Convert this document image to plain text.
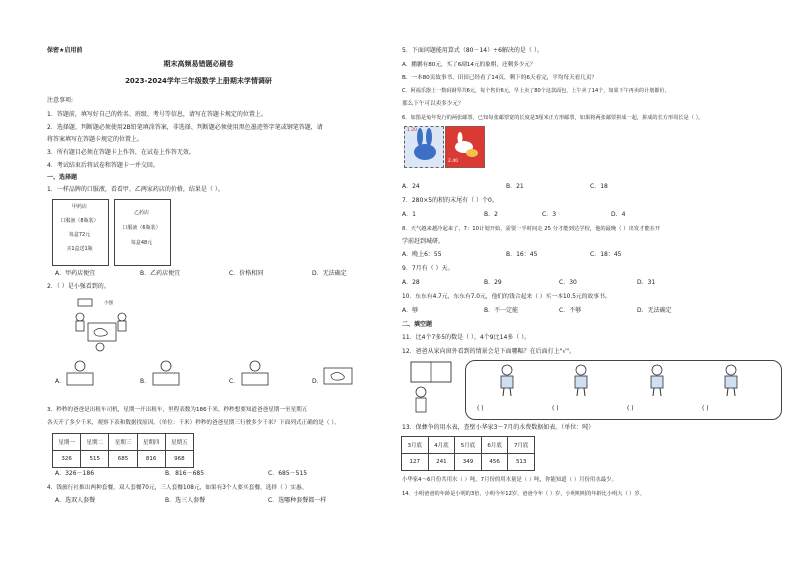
保密★启用前
期末高频易错题必刷卷
2023-2024学年三年级数学上册期末学情调研
注意事项:
1．答题前，填写好自己的姓名、班级、考号等信息，请写在答题卡规定的位置上。
2．选择题、判断题必须使用2B铅笔填涂答案，非选择、判断题必须使用黑色墨迹签字笔或钢笔答题，请
将答案填写在答题卡规定的位置上。
3．所有题目必须在答题卡上作答，在试卷上作答无效。
4．考试结束后将试卷和答题卡一并交回。
一、选择题
1．一样品牌的口服液，看看甲、乙两家药店的价格，结果是（ ）。
甲药店
口服液（8瓶装）
每盒72元
买1盒送1瓶
乙药店
口服液（6瓶装）
每盒48元
A．甲药店便宜	B．乙药店便宜	C．价格相同	D．无法确定
2．（ ）是小强看到的。
小强
A．	B．	C．	D．
3．秒秒的爸爸是出租车司机，星期一开出租车，里程表数为186千米，秒秒想要知道爸爸星期一至星期五
各天开了多少千米，观察下表和数据找原因。（单位：千米）秒秒的爸爸星期三行驶多少千米？下面列式正确的是（ ）。
星期一	星期二	星期三	星期四	星期五
326	515	685	816	968
A．326－186	B．816－685	C．685－515
4．钱旅行社推出两种套餐，双人套餐70元，三人套餐108元，如果有3个人要买套餐，选择（ ）实惠。
A．选双人套餐	B．选三人套餐	C．选哪种套餐都一样
5．下面问题能用算式（80－14）÷6解决的是（ ）。
A．鹏鹏有80元，买了6副14元的象棋，还剩多少元？
B．一本80页故事书，田田已经看了14页，剩下的6天看完，平均每天看几页？
C．阿福乐器上一数码钢琴共6元，每个售价6元，早上卖了80个这款面包，上午卖了14个，如果下午再卖的计划都价，
那么下午可以卖多少元？
6．如图是兔年发行的两张邮票，已知每张邮票宽的长度是3厘米正方形邮票，如果将两张邮票拼成一起，拼成的长方形周长是（ ）。
1.20
2.40
A．24	B．21	C．18
7．280×5的积的末尾有（ ）个0。
A．1	B．2	C．3	D．4
8．天气越来越冷起来了，7：10计划开始，需要一半时间走 25 分才能到达学校，他的最晚（ ）出发才能在开
学前赶到城研。
A．晚上6：55	B．16：45	C．18：45
9．7月有（ ）天。
A．28	B．29	C．30	D．31
10．东东有4.7元，东东有7.0元，他们的钱合起来（ ）买一本10.5元的故事书。
A．够	B．不一定能	C．不够	D．无法确定
二、填空题
11．比4个7多5的数是（ ），4个9比14多（ ）。
12．爸爸从家向窗外看到的情景会是下面哪幅？在后面打上"√"。
( )	( )	( )	( )
13．保彝争的用水表，查壁小华家3～7月的水费数据如表。（单位：吨）
3月底	4月底	5月底	6月底	7月底
127	241	349	456	513
小华家4～6月份共用水（ ）吨，7月份的用水量是（ ）吨，你能知道（ ）月份用水最少。
14．小明爸爸的年龄是小明的3倍，小明今年12岁，爸爸今年（ ）岁，小明明明的年龄比小明大（ ）岁。
